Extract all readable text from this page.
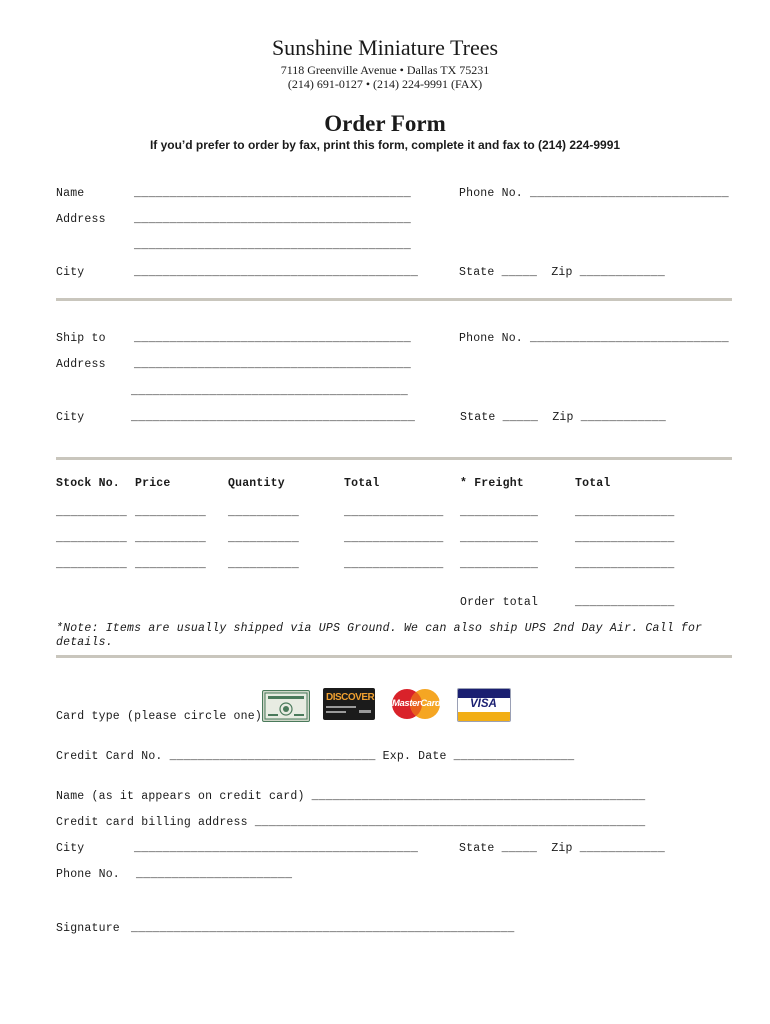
Sunshine Miniature Trees
7118 Greenville Avenue • Dallas TX 75231
(214) 691-0127 • (214) 224-9991 (FAX)
Order Form
If you’d prefer to order by fax, print this form, complete it and fax to (214) 224-9991
Name	_______________________________________	Phone No. ____________________________
Address _______________________________________
_______________________________________
City	________________________________________	State _____  Zip ____________
Ship to _______________________________________	Phone No. ____________________________
Address _______________________________________
_______________________________________
City	________________________________________	State _____  Zip ____________
Stock No. Price	Quantity	Total	* Freight	Total
__________ __________ __________	______________ ___________	______________
__________ __________ __________	______________ ___________	______________
__________ __________ __________	______________ ___________	______________
Order total	______________
*Note: Items are usually shipped via UPS Ground. We can also ship UPS 2nd Day Air. Call for
details.
Card type (please circle one)
DISCOVER
MasterCard	VISA
Credit Card No. _____________________________ Exp. Date _________________
Name (as it appears on credit card) _______________________________________________
Credit card billing address _______________________________________________________
City	________________________________________	State _____  Zip ____________
Phone No. ______________________
Signature ______________________________________________________
